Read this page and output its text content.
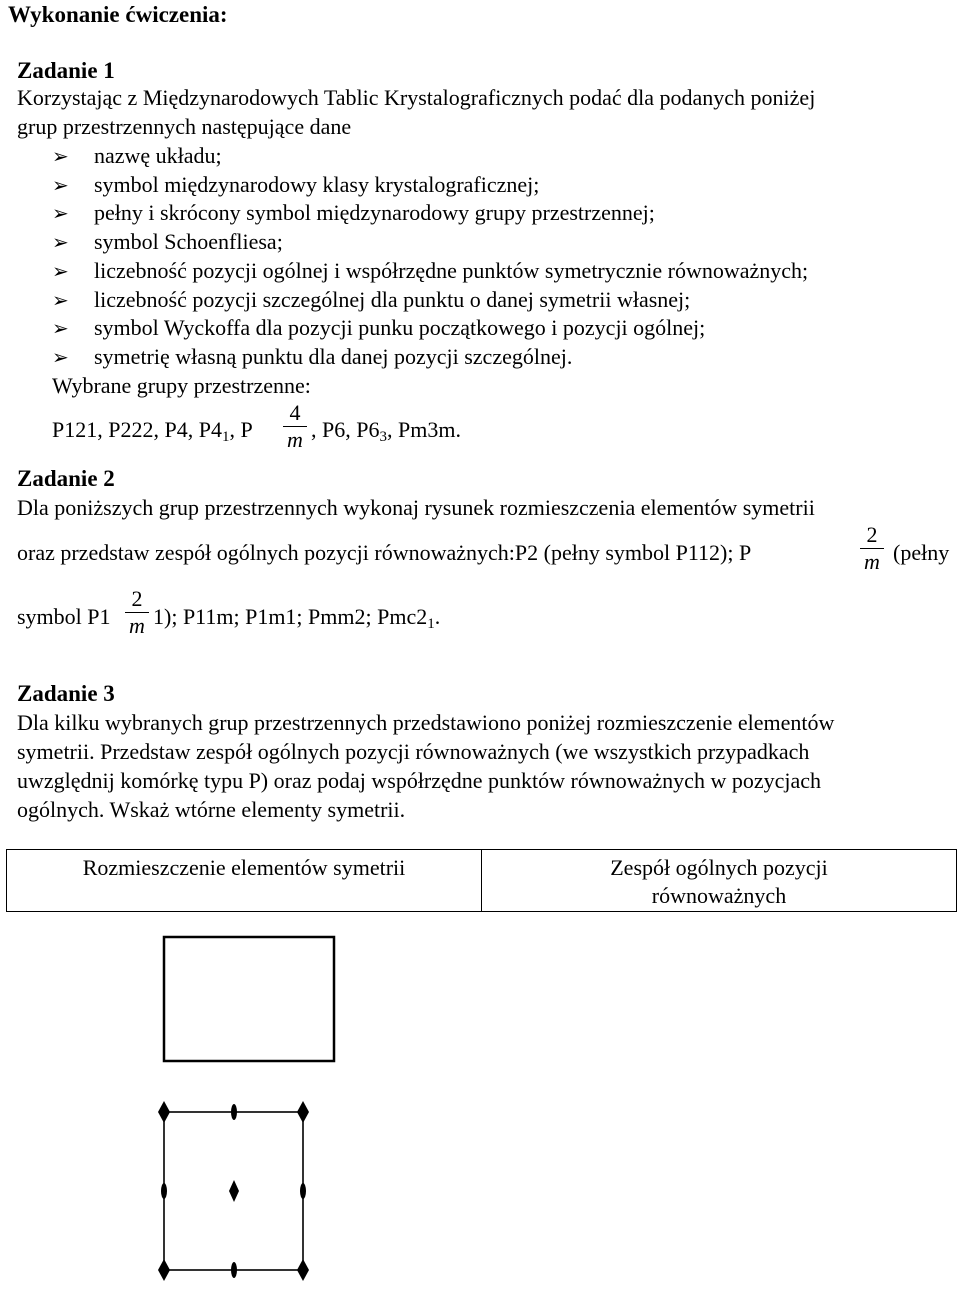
Wykonanie ćwiczenia:
Zadanie 1
Korzystając z Międzynarodowych Tablic Krystalograficznych podać dla podanych poniżej
grup przestrzennych następujące dane
➢ nazwę układu;
➢ symbol międzynarodowy klasy krystalograficznej;
➢ pełny i skrócony symbol międzynarodowy grupy przestrzennej;
➢ symbol Schoenfliesa;
➢ liczebność pozycji ogólnej i współrzędne punktów symetrycznie równoważnych;
➢ liczebność pozycji szczególnej dla punktu o danej symetrii własnej;
➢ symbol Wyckoffa dla pozycji punku początkowego i pozycji ogólnej;
➢ symetrię własną punktu dla danej pozycji szczególnej.
Wybrane grupy przestrzenne:
P121, P222, P4, $P4_1$, P
4
m , P6, $P6_3$, Pm3m.
Zadanie 2
Dla poniższych grup przestrzennych wykonaj rysunek rozmieszczenia elementów symetrii
oraz przedstaw zespół ogólnych pozycji równoważnych:P2 (pełny symbol P112); P
2
m (pełny
symbol P1
2
m 1); P11m; P1m1; Pmm2; $Pmc2_1$.
Zadanie 3
Dla kilku wybranych grup przestrzennych przedstawiono poniżej rozmieszczenie elementów
symetrii. Przedstaw zespół ogólnych pozycji równoważnych (we wszystkich przypadkach
uwzględnij komórkę typu P) oraz podaj współrzędne punktów równoważnych w pozycjach
ogólnych. Wskaż wtórne elementy symetrii.
Rozmieszczenie elementów symetrii	Zespół ogólnych pozycji
równoważnych
